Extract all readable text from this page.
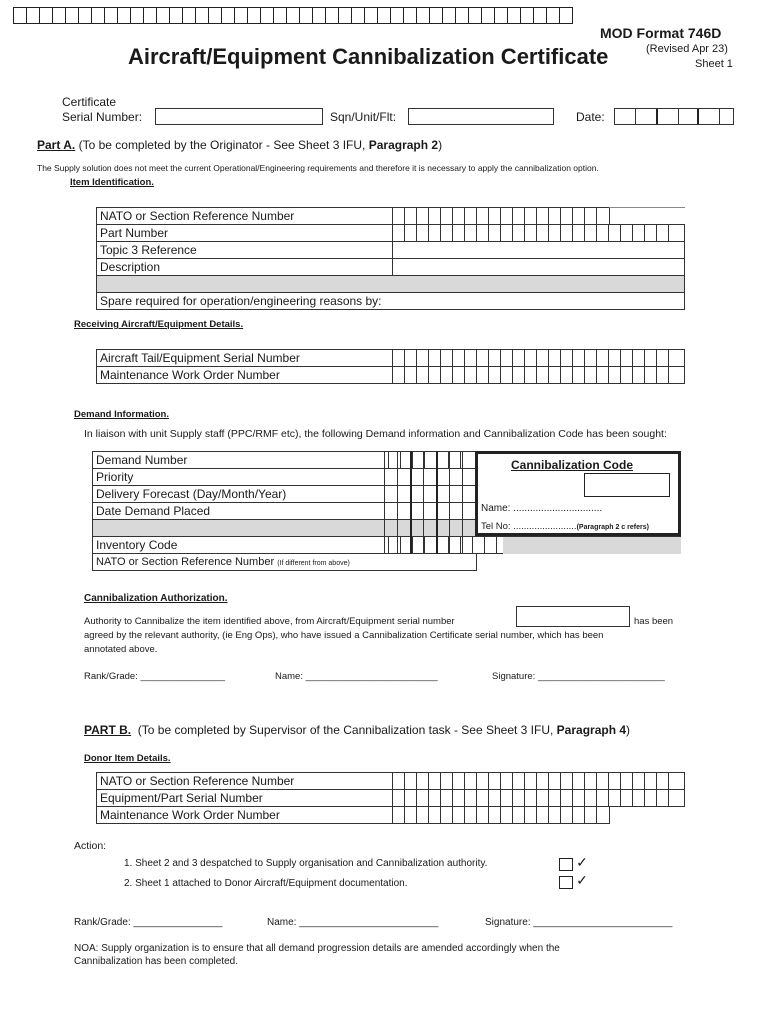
MOD Format 746D
Aircraft/Equipment Cannibalization Certificate	(Revised Apr 23)
Sheet 1
Certificate
Serial Number:	Sqn/Unit/Flt:	Date:
Part A. (To be completed by the Originator - See Sheet 3 IFU, Paragraph 2)
The Supply solution does not meet the current Operational/Engineering requirements and therefore it is necessary to apply the cannibalization option.
Item Identification.
NATO or Section Reference Number
Part Number
Topic 3 Reference
Description
Spare required for operation/engineering reasons by:
Receiving Aircraft/Equipment Details.
Aircraft Tail/Equipment Serial Number
Maintenance Work Order Number
Demand Information.
In liaison with unit Supply staff (PPC/RMF etc), the following Demand information and Cannibalization Code has been sought:
Demand Number
Priority
Delivery Forecast (Day/Month/Year)
Date Demand Placed
Inventory Code
NATO or Section Reference Number (If different from above)
Cannibalization Code
Name: ................................
Tel No: ........................(Paragraph 2 c refers)
Cannibalization Authorization.
Authority to Cannibalize the item identified above, from Aircraft/Equipment serial number	has been
agreed by the relevant authority, (ie Eng Ops), who have issued a Cannibalization Certificate serial number, which has been
annotated above.
Rank/Grade: ________________	Name: _________________________	Signature: ________________________
PART B. (To be completed by Supervisor of the Cannibalization task - See Sheet 3 IFU, Paragraph 4)
Donor Item Details.
NATO or Section Reference Number
Equipment/Part Serial Number
Maintenance Work Order Number
Action:
1. Sheet 2 and 3 despatched to Supply organisation and Cannibalization authority.	✓
2. Sheet 1 attached to Donor Aircraft/Equipment documentation.	✓
Rank/Grade: ________________	Name: _________________________	Signature: _________________________
NOA: Supply organization is to ensure that all demand progression details are amended accordingly when the
Cannibalization has been completed.
